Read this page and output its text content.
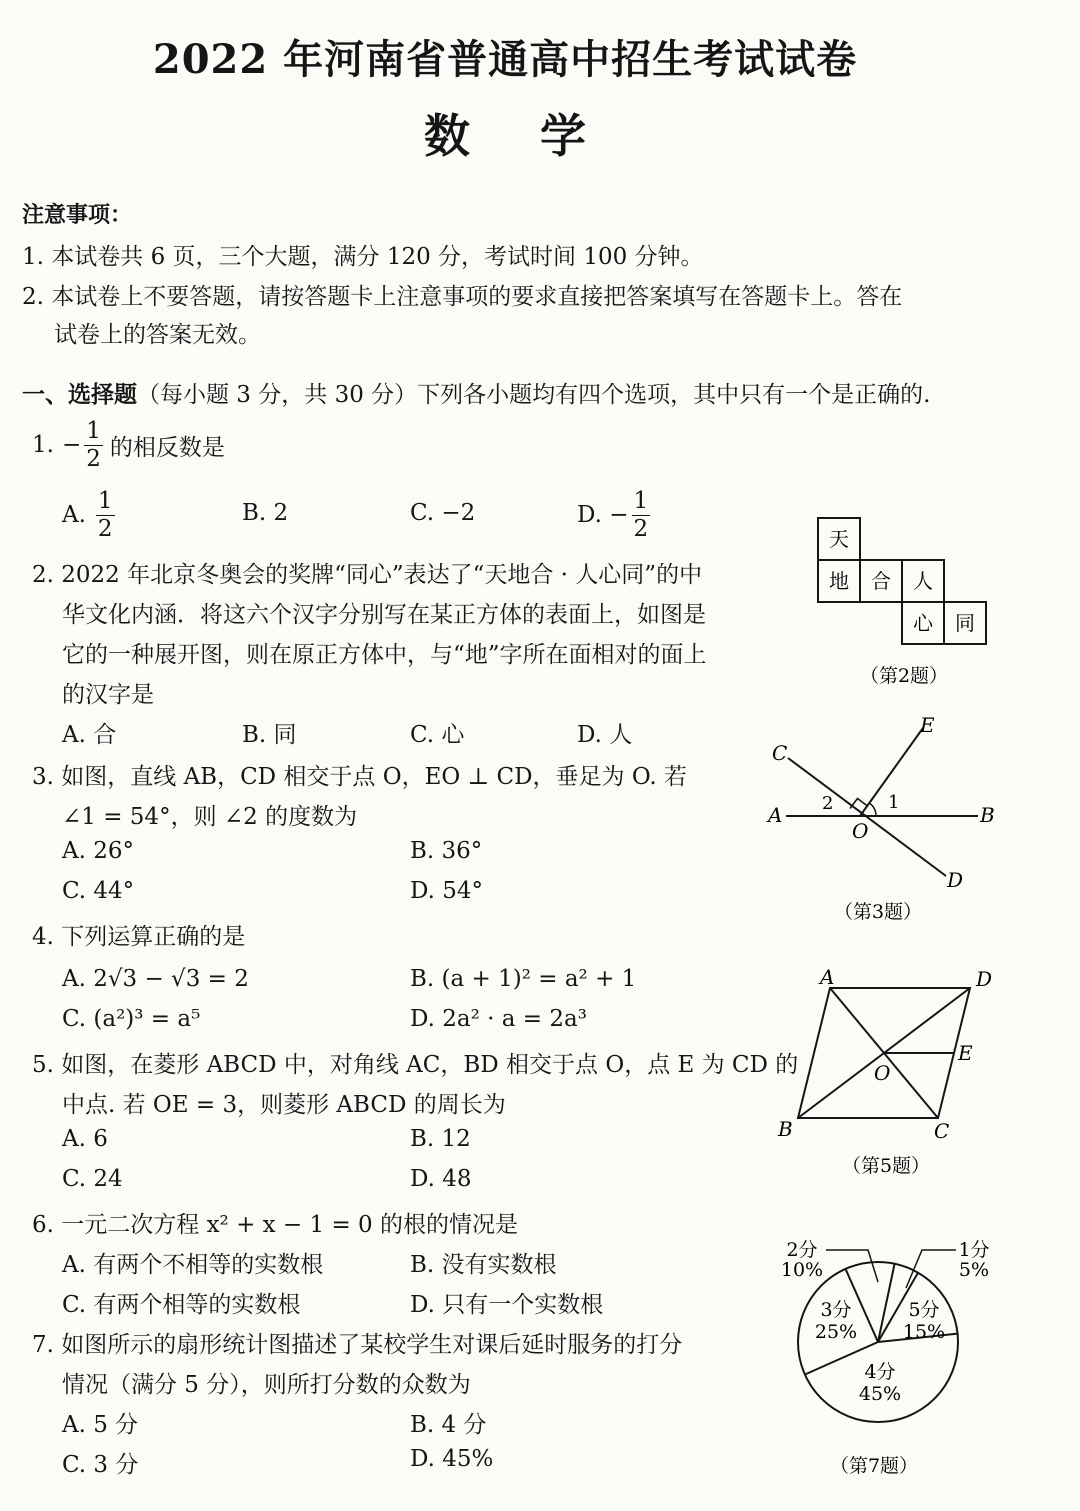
2022 年河南省普通高中招生考试试卷
数学
注意事项：
1. 本试卷共 6 页，三个大题，满分 120 分，考试时间 100 分钟。
2. 本试卷上不要答题，请按答题卡上注意事项的要求直接把答案填写在答题卡上。答在
试卷上的答案无效。
一、选择题（每小题 3 分，共 30 分）下列各小题均有四个选项，其中只有一个是正确的.
1. − $\frac{1}{2}$ 的相反数是
A. $\frac{1}{2}$	B. 2	C. −2	D. − $\frac{1}{2}$
2. 2022 年北京冬奥会的奖牌“同心”表达了“天地合 · 人心同”的中
华文化内涵．将这六个汉字分别写在某正方体的表面上，如图是
它的一种展开图，则在原正方体中，与“地”字所在面相对的面上
的汉字是
A. 合	B. 同	C. 心	D. 人
天
地 合 人
心 同
（第2题）
3. 如图，直线 AB，CD 相交于点 O，EO ⊥ CD，垂足为 O. 若
∠1 = 54°，则 ∠2 的度数为
A. 26°	B. 36°
C. 44°	D. 54°
A	B
C
D
E
O
1
2
（第3题）
4. 下列运算正确的是
A. 2√3 − √3 = 2	B. (a + 1)² = a² + 1
C. (a²)³ = a⁵	D. 2a² · a = 2a³
5. 如图，在菱形 ABCD 中，对角线 AC，BD 相交于点 O，点 E 为 CD 的
中点. 若 OE = 3，则菱形 ABCD 的周长为
A. 6	B. 12
C. 24	D. 48
A	D
E
O
B	C
（第5题）
6. 一元二次方程 x² + x − 1 = 0 的根的情况是
A. 有两个不相等的实数根	B. 没有实数根
C. 有两个相等的实数根	D. 只有一个实数根
7. 如图所示的扇形统计图描述了某校学生对课后延时服务的打分
情况（满分 5 分），则所打分数的众数为
A. 5 分	B. 4 分
C. 3 分	D. 45%
2分
10%
1分
5%
3分
25%
5分
15%
4分
45%
（第7题）
